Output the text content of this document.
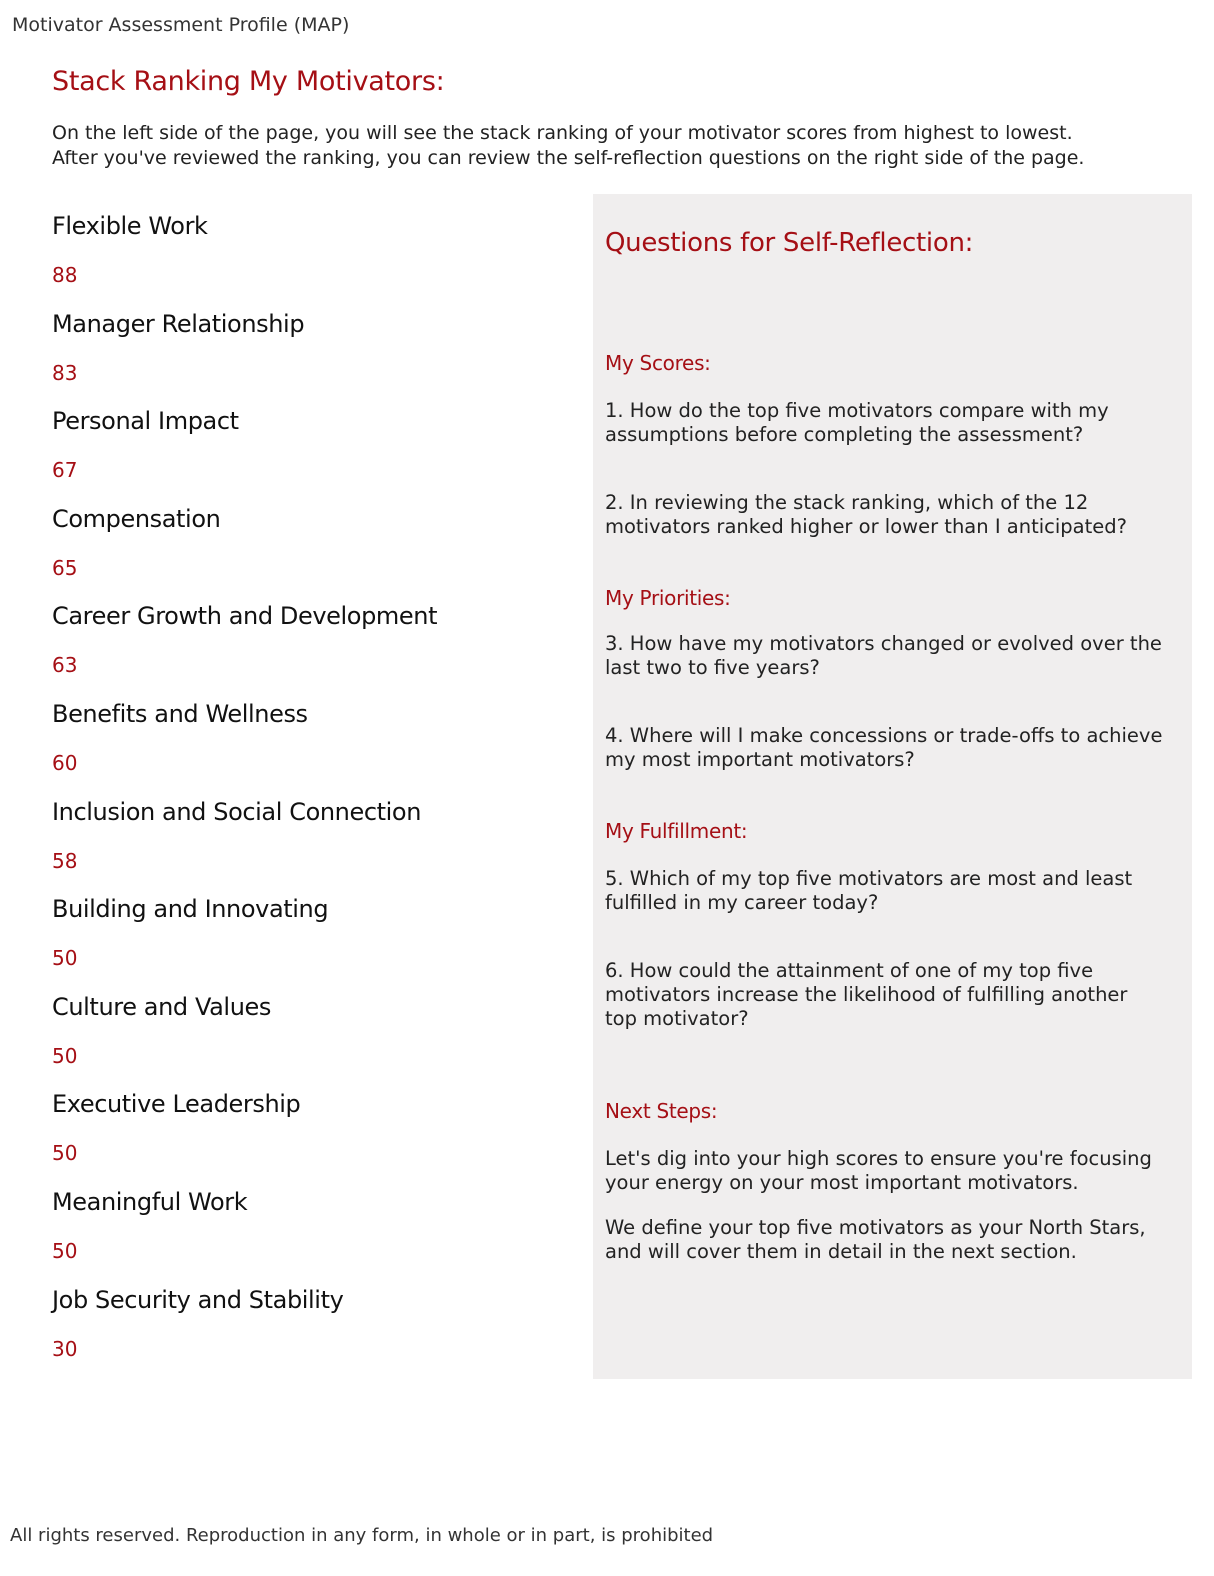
Motivator Assessment Profile (MAP)
Stack Ranking My Motivators:

On the left side of the page, you will see the stack ranking of your motivator scores from highest to lowest.

After you've reviewed the ranking, you can review the self-reflection questions on the right side of the page.

Flexible Work
88
Manager Relationship
83
Personal Impact
67
Compensation
65
Career Growth and Development
63
Benefits and Wellness
60
Inclusion and Social Connection
58
Building and Innovating
50
Culture and Values
50
Executive Leadership
50
Meaningful Work
50
Job Security and Stability
30
Questions for Self-Reflection:
My Scores:
1. How do the top five motivators compare with my assumptions before completing the assessment?
2. In reviewing the stack ranking, which of the 12 motivators ranked higher or lower than I anticipated?
My Priorities:
3. How have my motivators changed or evolved over the last two to five years?
4. Where will I make concessions or trade-offs to achieve my most important motivators?
My Fulfillment:
5. Which of my top five motivators are most and least fulfilled in my career today?
6. How could the attainment of one of my top five motivators increase the likelihood of fulfilling another top motivator?
Next Steps:
Let's dig into your high scores to ensure you're focusing your energy on your most important motivators.
We define your top five motivators as your North Stars, and will cover them in detail in the next section.
All rights reserved. Reproduction in any form, in whole or in part, is prohibited
